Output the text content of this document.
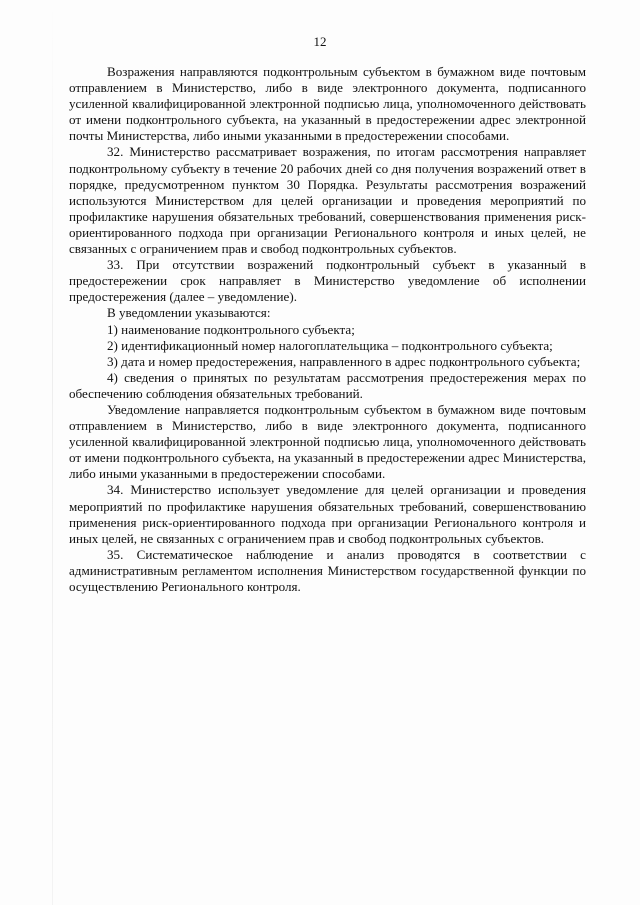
12

Возражения направляются подконтрольным субъектом в бумажном виде почтовым отправлением в Министерство, либо в виде электронного документа, подписанного усиленной квалифицированной электронной подписью лица, уполномоченного действовать от имени подконтрольного субъекта, на указанный в предостережении адрес электронной почты Министерства, либо иными указанными в предостережении способами.

32. Министерство рассматривает возражения, по итогам рассмотрения направляет подконтрольному субъекту в течение 20 рабочих дней со дня получения возражений ответ в порядке, предусмотренном пунктом 30 Порядка. Результаты рассмотрения возражений используются Министерством для целей организации и проведения мероприятий по профилактике нарушения обязательных требований, совершенствования применения риск-ориентированного подхода при организации Регионального контроля и иных целей, не связанных с ограничением прав и свобод подконтрольных субъектов.

33. При отсутствии возражений подконтрольный субъект в указанный в предостережении срок направляет в Министерство уведомление об исполнении предостережения (далее – уведомление).

В уведомлении указываются:

1) наименование подконтрольного субъекта;

2) идентификационный номер налогоплательщика – подконтрольного субъекта;

3) дата и номер предостережения, направленного в адрес подконтрольного субъекта;

4) сведения о принятых по результатам рассмотрения предостережения мерах по обеспечению соблюдения обязательных требований.

Уведомление направляется подконтрольным субъектом в бумажном виде почтовым отправлением в Министерство, либо в виде электронного документа, подписанного усиленной квалифицированной электронной подписью лица, уполномоченного действовать от имени подконтрольного субъекта, на указанный в предостережении адрес Министерства, либо иными указанными в предостережении способами.

34. Министерство использует уведомление для целей организации и проведения мероприятий по профилактике нарушения обязательных требований, совершенствованию применения риск-ориентированного подхода при организации Регионального контроля и иных целей, не связанных с ограничением прав и свобод подконтрольных субъектов.

35. Систематическое наблюдение и анализ проводятся в соответствии с административным регламентом исполнения Министерством государственной функции по осуществлению Регионального контроля.
